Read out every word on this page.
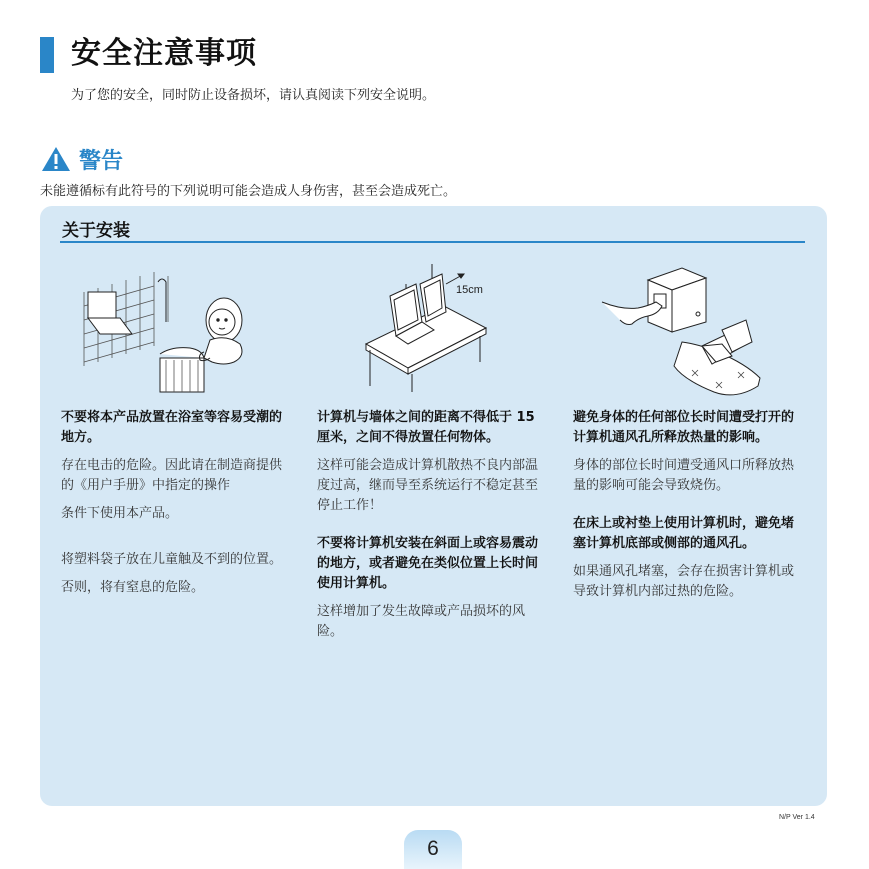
安全注意事项
为了您的安全，同时防止设备损坏，请认真阅读下列安全说明。
警告
未能遵循标有此符号的下列说明可能会造成人身伤害，甚至会造成死亡。
关于安装
15cm
不要将本产品放置在浴室等容易受潮的地方。

存在电击的危险。因此请在制造商提供的《用户手册》中指定的操作

条件下使用本产品。

将塑料袋子放在儿童触及不到的位置。

否则，将有窒息的危险。

计算机与墙体之间的距离不得低于 15 厘米，之间不得放置任何物体。

这样可能会造成计算机散热不良内部温度过高，继而导至系统运行不稳定甚至停止工作！

不要将计算机安装在斜面上或容易震动的地方，或者避免在类似位置上长时间使用计算机。

这样增加了发生故障或产品损坏的风险。

避免身体的任何部位长时间遭受打开的计算机通风孔所释放热量的影响。

身体的部位长时间遭受通风口所释放热量的影响可能会导致烧伤。

在床上或衬垫上使用计算机时，避免堵塞计算机底部或侧部的通风孔。

如果通风孔堵塞，会存在损害计算机或导致计算机内部过热的危险。

N/P Ver 1.4
6
